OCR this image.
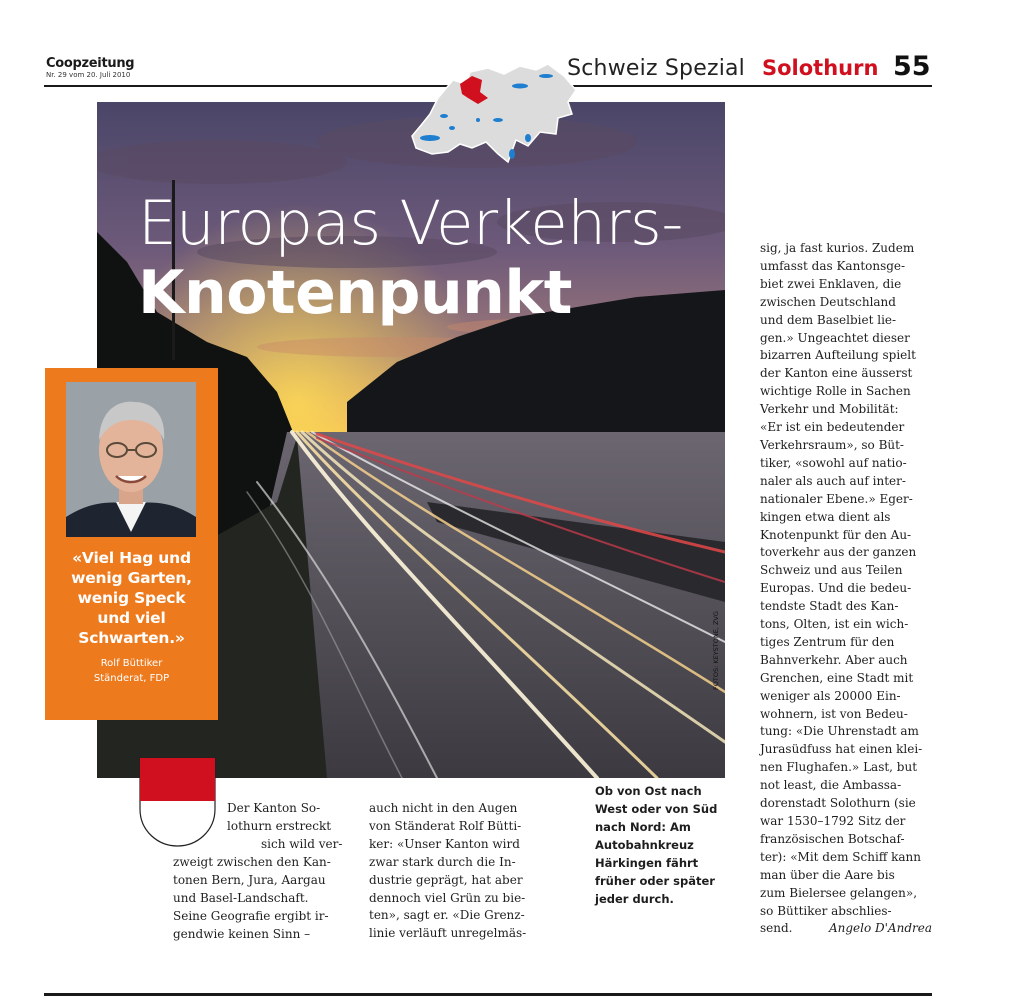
Coopzeitung
Nr. 29 vom 20. Juli 2010	Schweiz Spezial Solothurn 55
Europas Verkehrs-
Knotenpunkt
FOTOS: KEYSTONE, ZVG
«Viel Hag und
wenig Garten,
wenig Speck
und viel
Schwarten.»
Rolf Büttiker
Ständerat, FDP
Der Kanton So-
lothurn erstreckt
sich wild ver-
zweigt zwischen den Kan-
tonen Bern, Jura, Aargau
und Basel-Landschaft.
Seine Geografie ergibt ir-
gendwie keinen Sinn –
auch nicht in den Augen
von Ständerat Rolf Bütti-
ker: «Unser Kanton wird
zwar stark durch die In-
dustrie geprägt, hat aber
dennoch viel Grün zu bie-
ten», sagt er. «Die Grenz-
linie verläuft unregelmäs-
Ob von Ost nach
West oder von Süd
nach Nord: Am
Autobahnkreuz
Härkingen fährt
früher oder später
jeder durch.
sig, ja fast kurios. Zudem
umfasst das Kantonsge-
biet zwei Enklaven, die
zwischen Deutschland
und dem Baselbiet lie-
gen.» Ungeachtet dieser
bizarren Aufteilung spielt
der Kanton eine äusserst
wichtige Rolle in Sachen
Verkehr und Mobilität:
«Er ist ein bedeutender
Verkehrsraum», so Büt-
tiker, «sowohl auf natio-
naler als auch auf inter-
nationaler Ebene.» Eger-
kingen etwa dient als
Knotenpunkt für den Au-
toverkehr aus der ganzen
Schweiz und aus Teilen
Europas. Und die bedeu-
tendste Stadt des Kan-
tons, Olten, ist ein wich-
tiges Zentrum für den
Bahnverkehr. Aber auch
Grenchen, eine Stadt mit
weniger als 20000 Ein-
wohnern, ist von Bedeu-
tung: «Die Uhrenstadt am
Jurasüdfuss hat einen klei-
nen Flughafen.» Last, but
not least, die Ambassa-
dorenstadt Solothurn (sie
war 1530–1792 Sitz der
französischen Botschaf-
ter): «Mit dem Schiff kann
man über die Aare bis
zum Bielersee gelangen»,
so Büttiker abschlies-
send.	Angelo D'Andrea
